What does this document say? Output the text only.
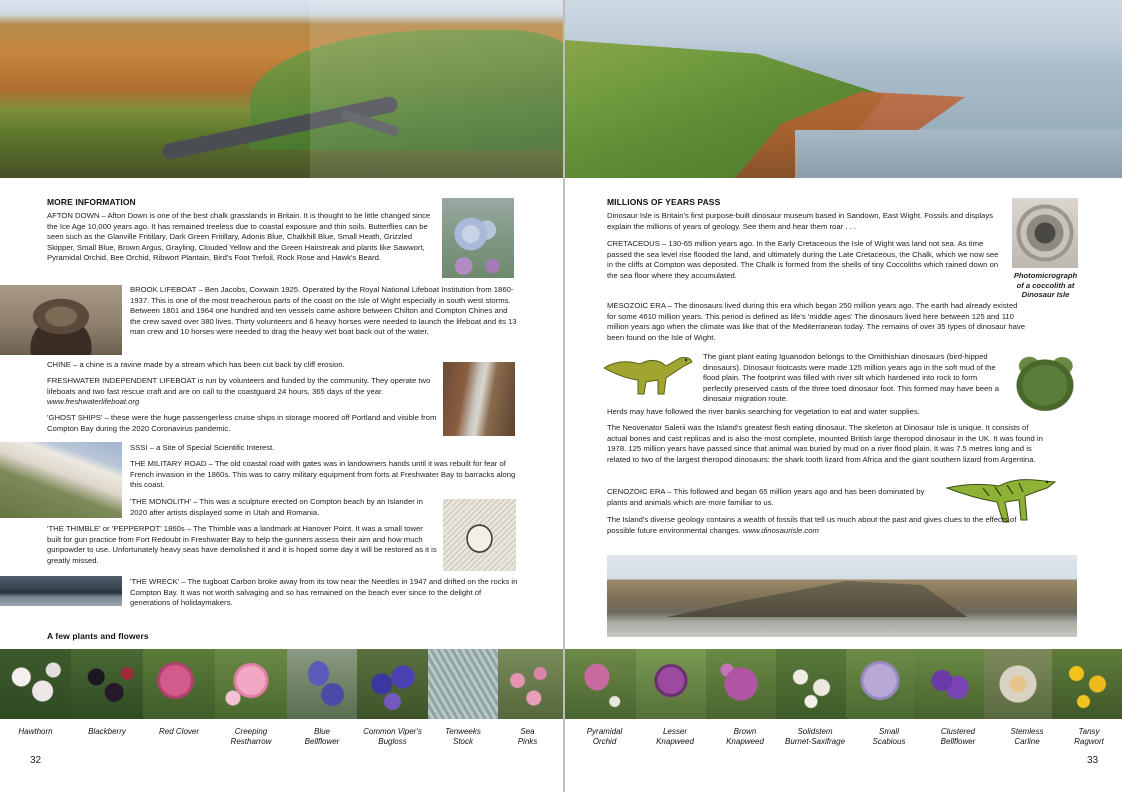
MORE INFORMATION
AFTON DOWN – Afton Down is one of the best chalk grasslands in Britain. It is thought to be little changed since the Ice Age 10,000 years ago. It has remained treeless due to coastal exposure and thin soils. Butterflies can be seen such as the Glanville Fritillary, Dark Green Fritillary, Adonis Blue, Chalkhill Blue, Small Heath, Grizzled Skipper, Small Blue, Brown Argus, Grayling, Clouded Yellow and the Green Hairstreak and plants like Sawwort, Pyramidal Orchid, Bee Orchid, Ribwort Plantain, Bird's Foot Trefoil, Rock Rose and Hawk's Beard.
BROOK LIFEBOAT – Ben Jacobs, Coxwain 1925. Operated by the Royal National Lifeboat Institution from 1860-1937. This is one of the most treacherous parts of the coast on the Isle of Wight especially in south west storms. Between 1801 and 1964 one hundred and ten vessels came ashore between Chilton and Compton Chines and the crew saved over 380 lives. Thirty volunteers and 6 heavy horses were needed to launch the lifeboat and its 13 man crew and 10 horses were needed to drag the heavy wet boat back out of the water.
CHINE – a chine is a ravine made by a stream which has been cut back by cliff erosion.
FRESHWATER INDEPENDENT LIFEBOAT is run by volunteers and funded by the community. They operate two lifeboats and two fast rescue craft and are on call to the coastguard 24 hours, 365 days of the year. www.freshwaterlifeboat.org
'GHOST SHIPS' – these were the huge passengerless cruise ships in storage moored off Portland and visible from Compton Bay during the 2020 Coronavirus pandemic.
SSSI – a Site of Special Scientific Interest.
THE MILITARY ROAD – The old coastal road with gates was in landowners hands until it was rebuilt for fear of French invasion in the 1860s. This was to carry military equipment from forts at Freshwater Bay to barracks along this coast.
'THE MONOLITH' – This was a sculpture erected on Compton beach by an Islander in 2020 after artists displayed some in Utah and Romania.
'THE THIMBLE' or 'PEPPERPOT' 1860s – The Thimble was a landmark at Hanover Point. It was a small tower built for gun practice from Fort Redoubt in Freshwater Bay to help the gunners assess their aim and how much gunpowder to use. Unfortunately heavy seas have demolished it and it is hoped some day it will be restored as it is greatly missed.
'THE WRECK' – The tugboat Carbon broke away from its tow near the Needles in 1947 and drifted on the rocks in Compton Bay. It was not worth salvaging and so has remained on the beach ever since to the delight of generations of holidaymakers.
A few plants and flowers
Hawthorn	Blackberry	Red Clover	Creeping
Restharrow
Blue
Bellflower
Common Viper's
Bugloss
Tenweeks
Stock
Sea
Pinks
32
MILLIONS OF YEARS PASS
Dinosaur Isle is Britain's first purpose-built dinosaur museum based in Sandown, East Wight. Fossils and displays explain the millions of years of geology. See them and hear them roar . . .
Photomicrograph
of a coccolith at
Dinosaur Isle
CRETACEOUS – 130-65 million years ago. In the Early Cretaceous the Isle of Wight was land not sea. As time passed the sea level rise flooded the land, and ultimately during the Late Cretaceous, the Chalk, which we now see in the cliffs at Compton was deposited. The Chalk is formed from the shells of tiny Coccoliths which rained down on the sea floor where they accumulated.
MESOZOIC ERA – The dinosaurs lived during this era which began 250 million years ago. The earth had already existed for some 4610 million years. This period is defined as life's 'middle ages' The dinosaurs lived here between 125 and 110 million years ago when the climate was like that of the Mediterranean today. The remains of over 35 types of dinosaur have been found on the Isle of Wight.
The giant plant eating Iguanodon belongs to the Ornithishian dinosaurs (bird-hipped dinosaurs). Dinosaur footcasts were made 125 million years ago in the soft mud of the flood plain. The footprint was filled with river silt which hardened into rock to form perfectly preserved casts of the three toed dinosaur foot. This formed may have been a dinosaur migration route.
Herds may have followed the river banks searching for vegetation to eat and water supplies.
The Neovenator Salerii was the Island's greatest flesh eating dinosaur. The skeleton at Dinosaur Isle is unique. It consists of actual bones and cast replicas and is also the most complete, mounted British large theropod dinosaur in the UK. It was found in 1978. 125 million years have passed since that animal was buried by mud on a river flood plain. It was 7.5 metres long and is related to two of the largest theropod dinosaurs: the shark tooth lizard from Africa and the giant southern lizard from Argentina.
CENOZOIC ERA – This followed and began 65 million years ago and has been dominated by plants and animals which are more familiar to us.
The Island's diverse geology contains a wealth of fossils that tell us much about the past and gives clues to the effects of possible future environmental changes. www.dinosaurisle.com
Pyramidal
Orchid
Lesser
Knapweed
Brown
Knapweed
Solidstem
Burnet-Saxifrage
Small
Scabious
Clustered
Bellflower
Stemless
Carline
Tansy
Ragwort
33
